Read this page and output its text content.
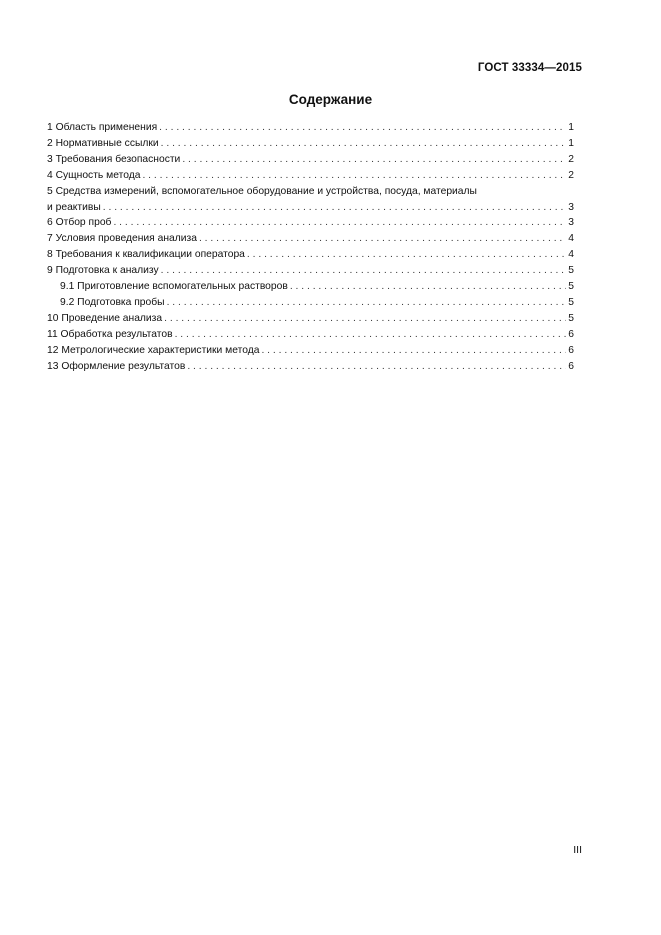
ГОСТ 33334—2015
Содержание
1 Область применения . . .	1
2 Нормативные ссылки . . .	1
3 Требования безопасности . . .	2
4 Сущность метода . . .	2
5 Средства измерений, вспомогательное оборудование и устройства, посуда, материалы
и реактивы . . .	3
6 Отбор проб . . .	3
7 Условия проведения анализа . . .	4
8 Требования к квалификации оператора . . .	4
9 Подготовка к анализу . . .	5
9.1 Приготовление вспомогательных растворов . . .	5
9.2 Подготовка пробы . . .	5
10 Проведение анализа . . .	5
11 Обработка результатов . . .	6
12 Метрологические характеристики метода . . .	6
13 Оформление результатов . . .	6
III
